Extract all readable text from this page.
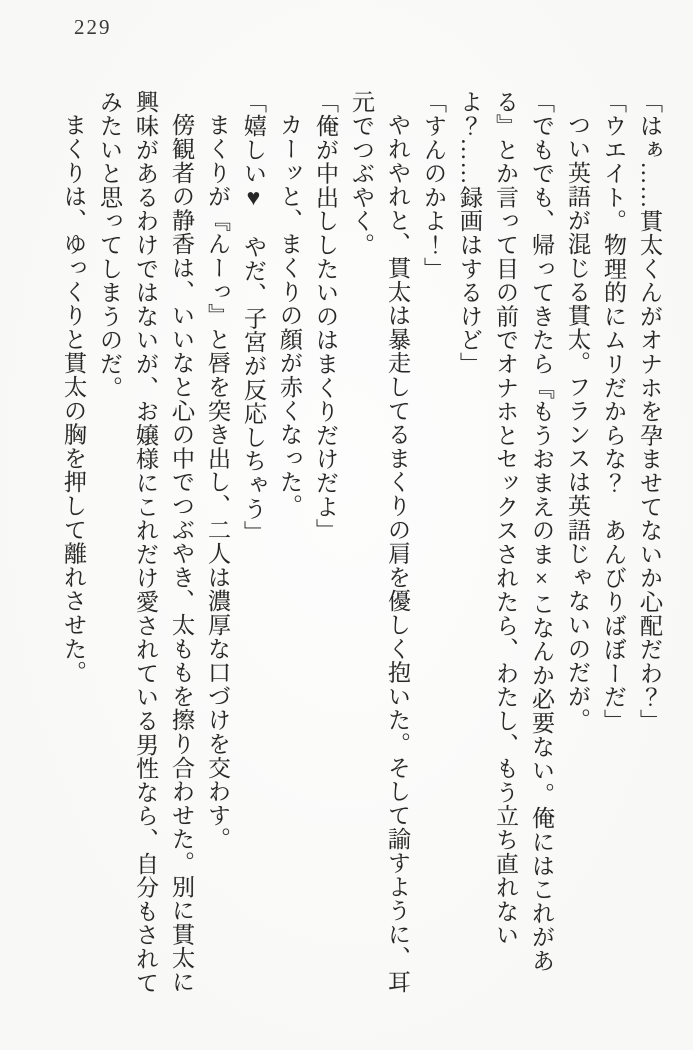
229

「はぁ……貫太くんがオナホを孕ませてないか心配だわ？」

「ウエイト。物理的にムリだからな？　あんびりばぼーだ」

つい英語が混じる貫太。フランスは英語じゃないのだが。

「でもでも、帰ってきたら『もうおまえのま×こなんか必要ない。俺にはこれがある』とか言って目の前でオナホとセックスされたら、わたし、もう立ち直れないよ？……録画はするけど」

「すんのかよ！」

やれやれと、貫太は暴走してるまくりの肩を優しく抱いた。そして諭すように、耳元でつぶやく。

「俺が中出ししたいのはまくりだけだよ」

カーッと、まくりの顔が赤くなった。

「嬉しい♥　やだ、子宮が反応しちゃう」

まくりが『んーっ』と唇を突き出し、二人は濃厚な口づけを交わす。

傍観者の静香は、いいなと心の中でつぶやき、太ももを擦り合わせた。別に貫太に興味があるわけではないが、お嬢様にこれだけ愛されている男性なら、自分もされてみたいと思ってしまうのだ。

まくりは、ゆっくりと貫太の胸を押して離れさせた。
